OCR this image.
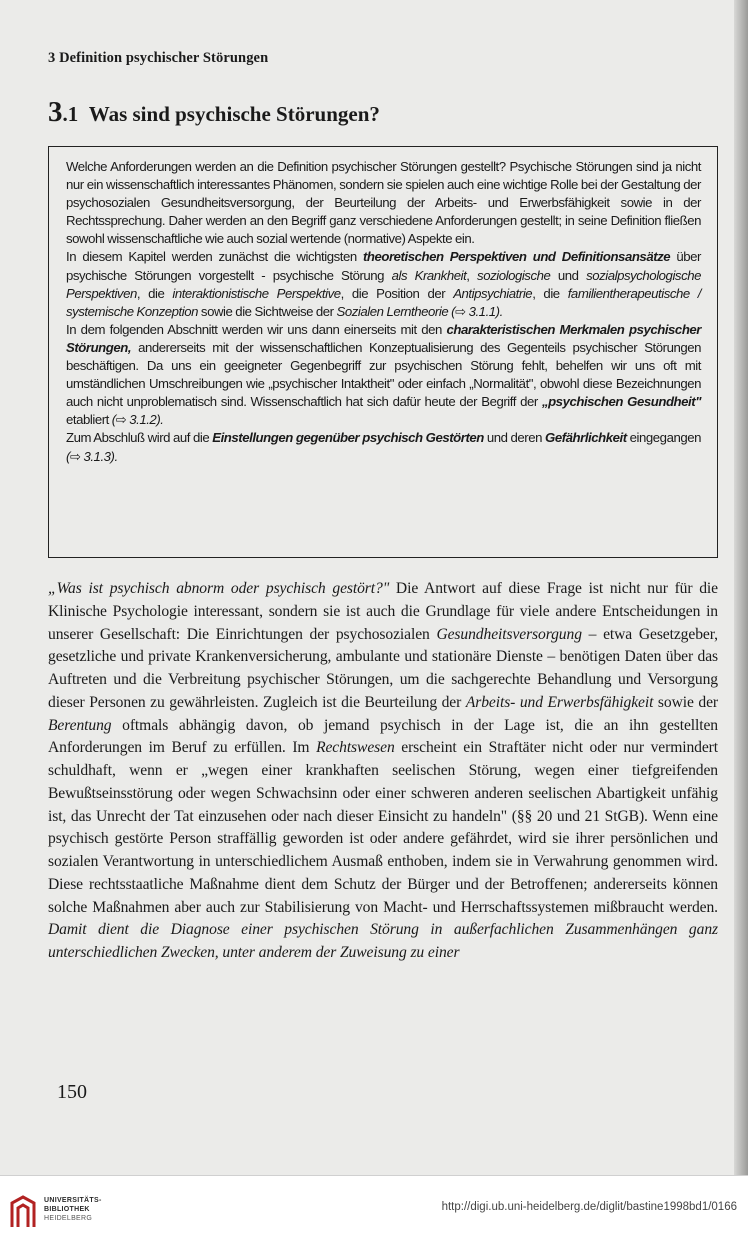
3 Definition psychischer Störungen
3.1 Was sind psychische Störungen?

Welche Anforderungen werden an die Definition psychischer Störungen gestellt? Psychische Störungen sind ja nicht nur ein wissenschaftlich interessantes Phänomen, sondern sie spielen auch eine wichtige Rolle bei der Gestaltung der psychosozialen Gesundheitsversorgung, der Beurteilung der Arbeits- und Erwerbsfähigkeit sowie in der Rechtssprechung. Daher werden an den Begriff ganz verschiedene Anforderungen gestellt; in seine Definition fließen sowohl wissenschaftliche wie auch sozial wertende (normative) Aspekte ein.

In diesem Kapitel werden zunächst die wichtigsten theoretischen Perspektiven und Definitionsansätze über psychische Störungen vorgestellt - psychische Störung als Krankheit, soziologische und sozialpsychologische Perspektiven, die interaktionistische Perspektive, die Position der Antipsychiatrie, die familientherapeutische / systemische Konzeption sowie die Sichtweise der Sozialen Lerntheorie (⇨ 3.1.1).

In dem folgenden Abschnitt werden wir uns dann einerseits mit den charakteristischen Merkmalen psychischer Störungen, andererseits mit der wissenschaftlichen Konzeptualisierung des Gegenteils psychischer Störungen beschäftigen. Da uns ein geeigneter Gegenbegriff zur psychischen Störung fehlt, behelfen wir uns oft mit umständlichen Umschreibungen wie „psychischer Intaktheit" oder einfach „Normalität", obwohl diese Bezeichnungen auch nicht unproblematisch sind. Wissenschaftlich hat sich dafür heute der Begriff der „psychischen Gesundheit" etabliert (⇨ 3.1.2).

Zum Abschluß wird auf die Einstellungen gegenüber psychisch Gestörten und deren Gefährlichkeit eingegangen (⇨ 3.1.3).

„Was ist psychisch abnorm oder psychisch gestört?" Die Antwort auf diese Frage ist nicht nur für die Klinische Psychologie interessant, sondern sie ist auch die Grundlage für viele andere Entscheidungen in unserer Gesellschaft: Die Einrichtungen der psychosozialen Gesundheitsversorgung – etwa Gesetzgeber, gesetzliche und private Krankenversicherung, ambulante und stationäre Dienste – benötigen Daten über das Auftreten und die Verbreitung psychischer Störungen, um die sachgerechte Behandlung und Versorgung dieser Personen zu gewährleisten. Zugleich ist die Beurteilung der Arbeits- und Erwerbsfähigkeit sowie der Berentung oftmals abhängig davon, ob jemand psychisch in der Lage ist, die an ihn gestellten Anforderungen im Beruf zu erfüllen. Im Rechtswesen erscheint ein Straftäter nicht oder nur vermindert schuldhaft, wenn er „wegen einer krankhaften seelischen Störung, wegen einer tiefgreifenden Bewußtseinsstörung oder wegen Schwachsinn oder einer schweren anderen seelischen Abartigkeit unfähig ist, das Unrecht der Tat einzusehen oder nach dieser Einsicht zu handeln" (§§ 20 und 21 StGB). Wenn eine psychisch gestörte Person straffällig geworden ist oder andere gefährdet, wird sie ihrer persönlichen und sozialen Verantwortung in unterschiedlichem Ausmaß enthoben, indem sie in Verwahrung genommen wird. Diese rechtsstaatliche Maßnahme dient dem Schutz der Bürger und der Betroffenen; andererseits können solche Maßnahmen aber auch zur Stabilisierung von Macht- und Herrschaftssystemen mißbraucht werden. Damit dient die Diagnose einer psychischen Störung in außerfachlichen Zusammenhängen ganz unterschiedlichen Zwecken, unter anderem der Zuweisung zu einer

150
UNIVERSITÄTS-
BIBLIOTHEK
HEIDELBERG
http://digi.ub.uni-heidelberg.de/diglit/bastine1998bd1/0166
